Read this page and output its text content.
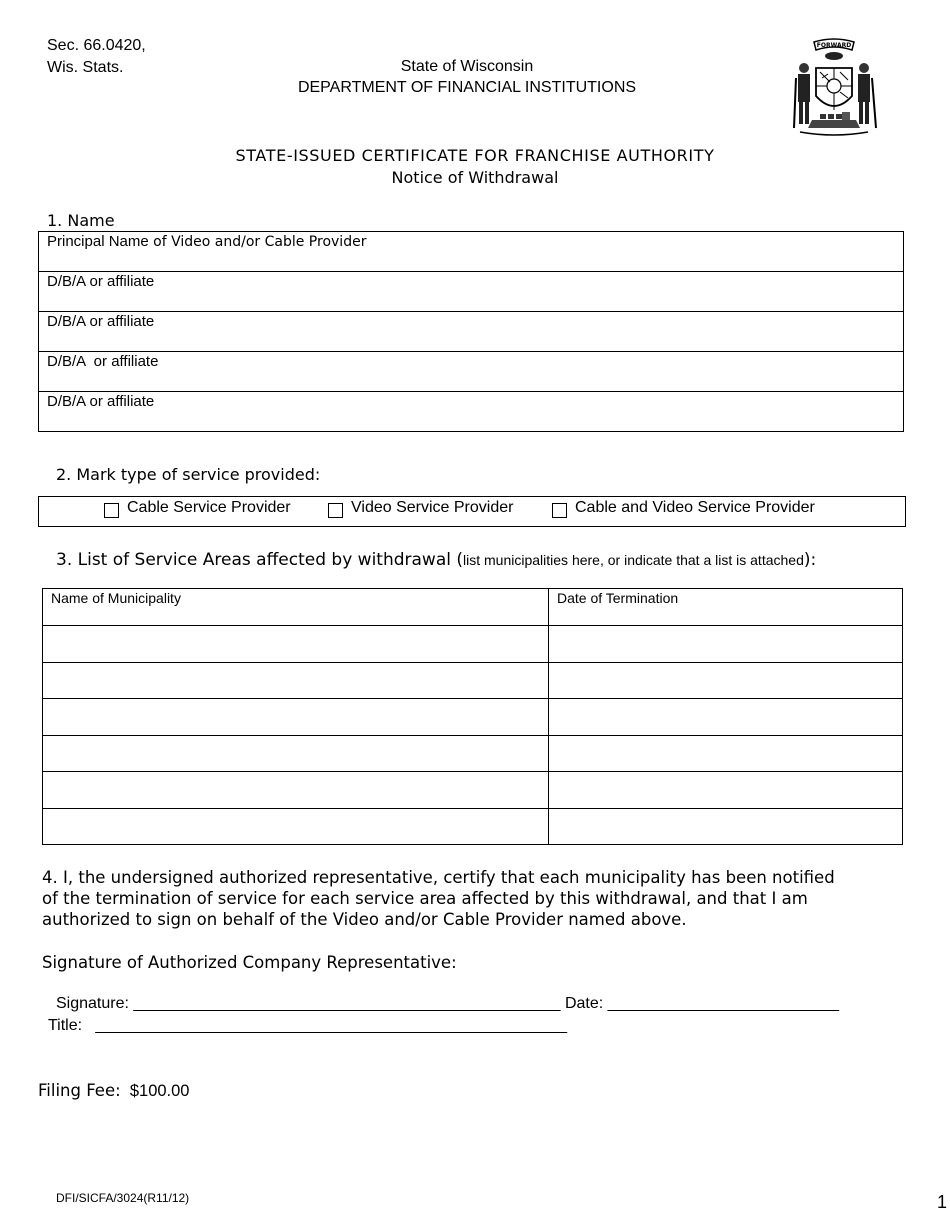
Sec. 66.0420,
Wis. Stats.	State of Wisconsin
DEPARTMENT OF FINANCIAL INSTITUTIONS
FORWARD
STATE-ISSUED CERTIFICATE FOR FRANCHISE AUTHORITY
Notice of Withdrawal
1. Name
Principal Name of Video and/or Cable Provider
D/B/A or affiliate
D/B/A or affiliate
D/B/A  or affiliate
D/B/A or affiliate
2. Mark type of service provided:
Cable Service Provider	Video Service Provider	Cable and Video Service Provider
3. List of Service Areas affected by withdrawal (list municipalities here, or indicate that a list is attached):
Name of Municipality	Date of Termination

4. I, the undersigned authorized representative, certify that each municipality has been notified
of the termination of service for each service area affected by this withdrawal, and that I am
authorized to sign on behalf of the Video and/or Cable Provider named above.
Signature of Authorized Company Representative:
Signature: ________________________________________________ Date: __________________________
Title: _____________________________________________________
Filing Fee: $100.00
DFI/SICFA/3024(R11/12)	1
